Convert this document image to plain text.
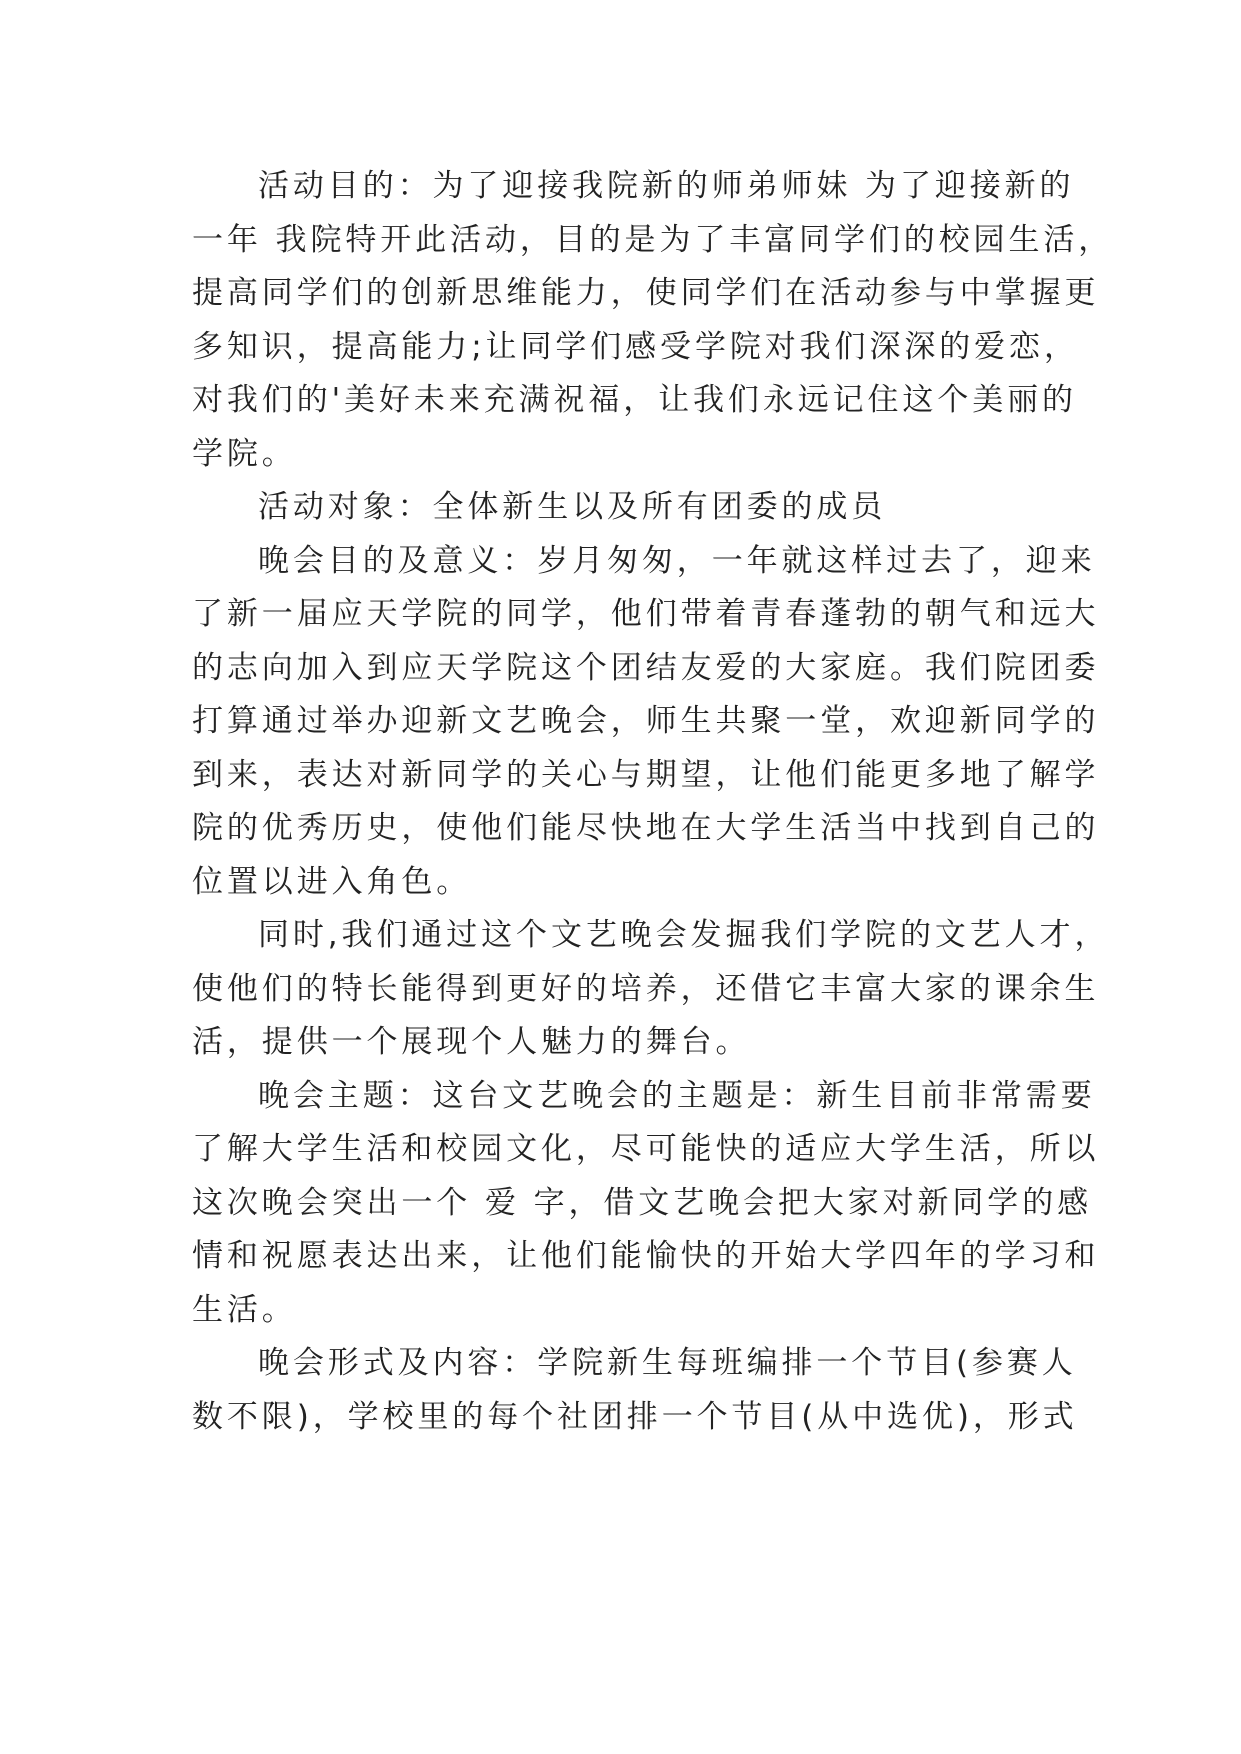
活动目的：为了迎接我院新的师弟师妹 为了迎接新的
一年 我院特开此活动，目的是为了丰富同学们的校园生活，
提高同学们的创新思维能力，使同学们在活动参与中掌握更
多知识，提高能力;让同学们感受学院对我们深深的爱恋，
对我们的'美好未来充满祝福，让我们永远记住这个美丽的
学院。

活动对象：全体新生以及所有团委的成员

晚会目的及意义：岁月匆匆，一年就这样过去了，迎来
了新一届应天学院的同学，他们带着青春蓬勃的朝气和远大
的志向加入到应天学院这个团结友爱的大家庭。我们院团委
打算通过举办迎新文艺晚会，师生共聚一堂，欢迎新同学的
到来，表达对新同学的关心与期望，让他们能更多地了解学
院的优秀历史，使他们能尽快地在大学生活当中找到自己的
位置以进入角色。

同时,我们通过这个文艺晚会发掘我们学院的文艺人才，
使他们的特长能得到更好的培养，还借它丰富大家的课余生
活，提供一个展现个人魅力的舞台。

晚会主题：这台文艺晚会的主题是：新生目前非常需要
了解大学生活和校园文化，尽可能快的适应大学生活，所以
这次晚会突出一个 爱 字，借文艺晚会把大家对新同学的感
情和祝愿表达出来，让他们能愉快的开始大学四年的学习和
生活。

晚会形式及内容：学院新生每班编排一个节目(参赛人
数不限)，学校里的每个社团排一个节目(从中选优)，形式
